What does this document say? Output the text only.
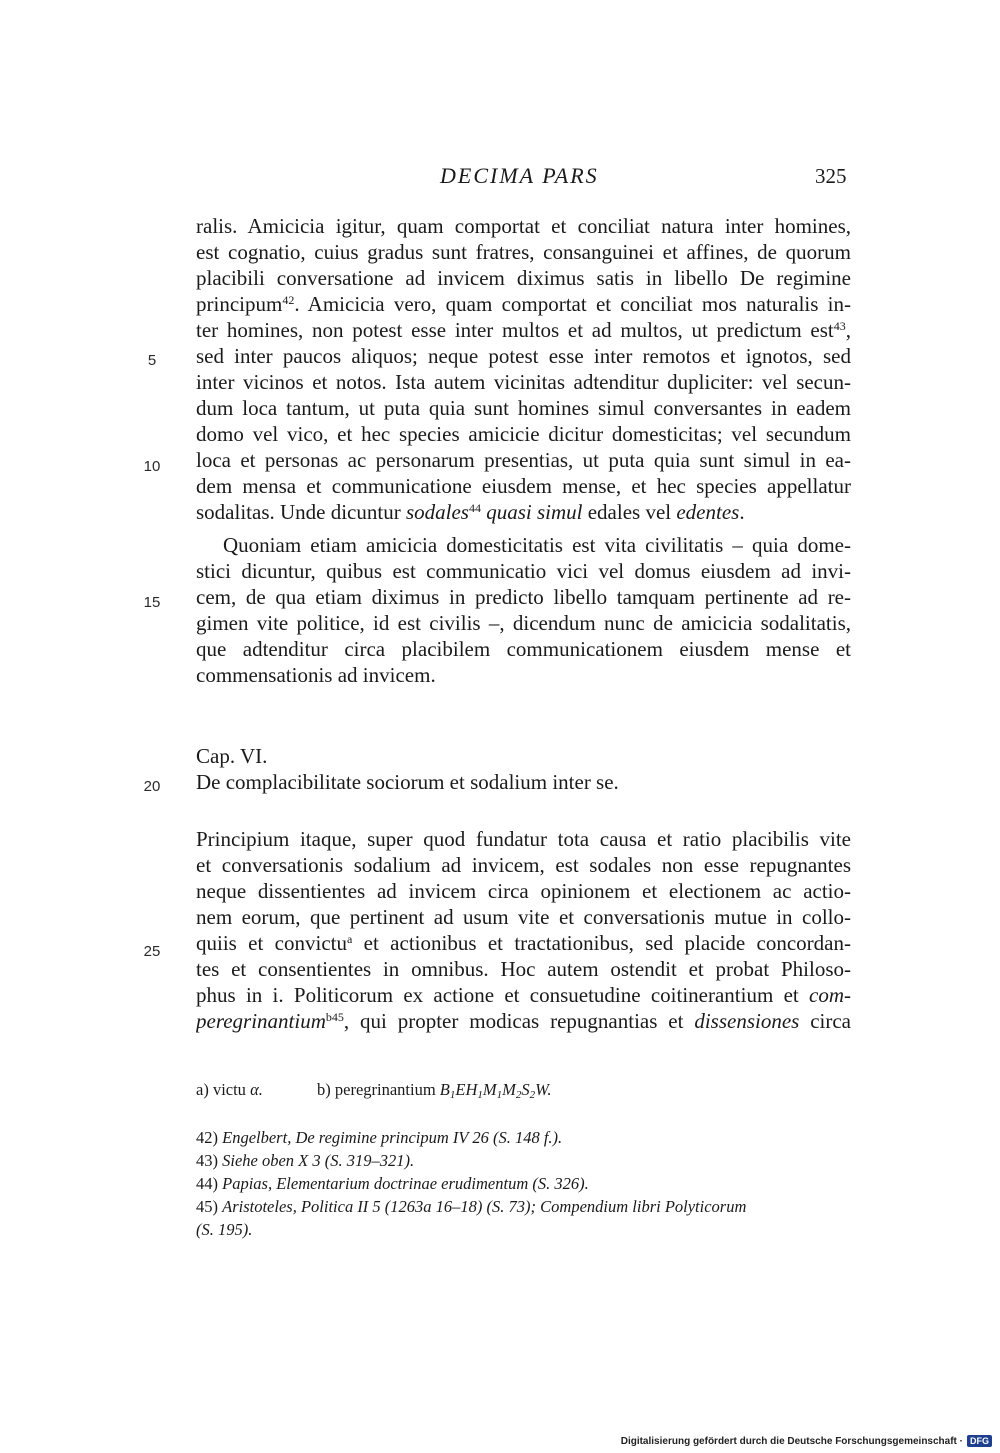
DECIMA PARS	325
5
10
15
20
25
ralis. Amicicia igitur, quam comportat et conciliat natura inter homines,
est cognatio, cuius gradus sunt fratres, consanguinei et affines, de quorum
placibili conversatione ad invicem diximus satis in libello De regimine
principum$^{42}$. Amicicia vero, quam comportat et conciliat mos naturalis in-
ter homines, non potest esse inter multos et ad multos, ut predictum est$^{43}$,
sed inter paucos aliquos; neque potest esse inter remotos et ignotos, sed
inter vicinos et notos. Ista autem vicinitas adtenditur dupliciter: vel secun-
dum loca tantum, ut puta quia sunt homines simul conversantes in eadem
domo vel vico, et hec species amicicie dicitur domesticitas; vel secundum
loca et personas ac personarum presentias, ut puta quia sunt simul in ea-
dem mensa et communicatione eiusdem mense, et hec species appellatur
sodalitas. Unde dicuntur sodales$^{44}$ quasi simul edales vel edentes.
Quoniam etiam amicicia domesticitatis est vita civilitatis – quia dome-
stici dicuntur, quibus est communicatio vici vel domus eiusdem ad invi-
cem, de qua etiam diximus in predicto libello tamquam pertinente ad re-
gimen vite politice, id est civilis –, dicendum nunc de amicicia sodalitatis,
que adtenditur circa placibilem communicationem eiusdem mense et
commensationis ad invicem.
Cap. VI.
De complacibilitate sociorum et sodalium inter se.
Principium itaque, super quod fundatur tota causa et ratio placibilis vite
et conversationis sodalium ad invicem, est sodales non esse repugnantes
neque dissentientes ad invicem circa opinionem et electionem ac actio-
nem eorum, que pertinent ad usum vite et conversationis mutue in collo-
quiis et convictu$^a$ et actionibus et tractationibus, sed placide concordan-
tes et consentientes in omnibus. Hoc autem ostendit et probat Philoso-
phus in i. Politicorum ex actione et consuetudine coitinerantium et com-
peregrinantium$^{b45}$, qui propter modicas repugnantias et dissensiones circa
a) victu α.	b) peregrinantium $B_1EH_1M_1M_2S_2W$.
42) Engelbert, De regimine principum IV 26 (S. 148 f.).
43) Siehe oben X 3 (S. 319–321).
44) Papias, Elementarium doctrinae erudimentum (S. 326).
45) Aristoteles, Politica II 5 (1263a 16–18) (S. 73); Compendium libri Polyticorum
(S. 195).
Digitalisierung gefördert durch die Deutsche Forschungsgemeinschaft · DFG
